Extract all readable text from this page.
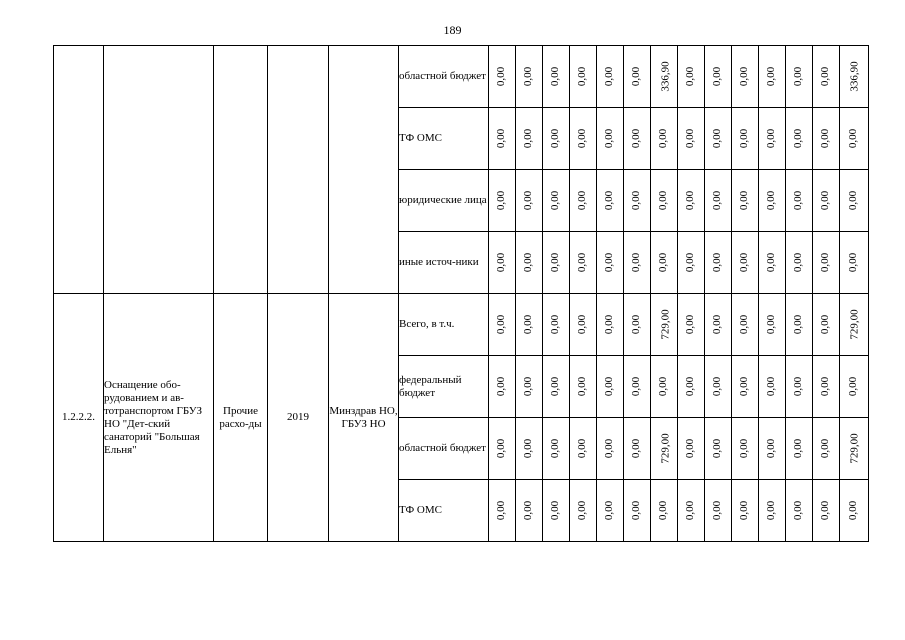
189
					областной бюджет	0,00	0,00	0,00	0,00	0,00	0,00	336,90	0,00	0,00	0,00	0,00	0,00	0,00	336,90
					ТФ ОМС	0,00	0,00	0,00	0,00	0,00	0,00	0,00	0,00	0,00	0,00	0,00	0,00	0,00	0,00
					юридические лица	0,00	0,00	0,00	0,00	0,00	0,00	0,00	0,00	0,00	0,00	0,00	0,00	0,00	0,00
					иные источ-ники	0,00	0,00	0,00	0,00	0,00	0,00	0,00	0,00	0,00	0,00	0,00	0,00	0,00	0,00
1.2.2.2.	Оснащение обо-рудованием и ав-тотранспортом ГБУЗ НО "Дет-ский санаторий "Большая Ельня"	Прочие расхо-ды	2019	Минздрав НО, ГБУЗ НО	Всего, в т.ч.	0,00	0,00	0,00	0,00	0,00	0,00	729,00	0,00	0,00	0,00	0,00	0,00	0,00	729,00
					федеральный бюджет	0,00	0,00	0,00	0,00	0,00	0,00	0,00	0,00	0,00	0,00	0,00	0,00	0,00	0,00
					областной бюджет	0,00	0,00	0,00	0,00	0,00	0,00	729,00	0,00	0,00	0,00	0,00	0,00	0,00	729,00
					ТФ ОМС	0,00	0,00	0,00	0,00	0,00	0,00	0,00	0,00	0,00	0,00	0,00	0,00	0,00	0,00
